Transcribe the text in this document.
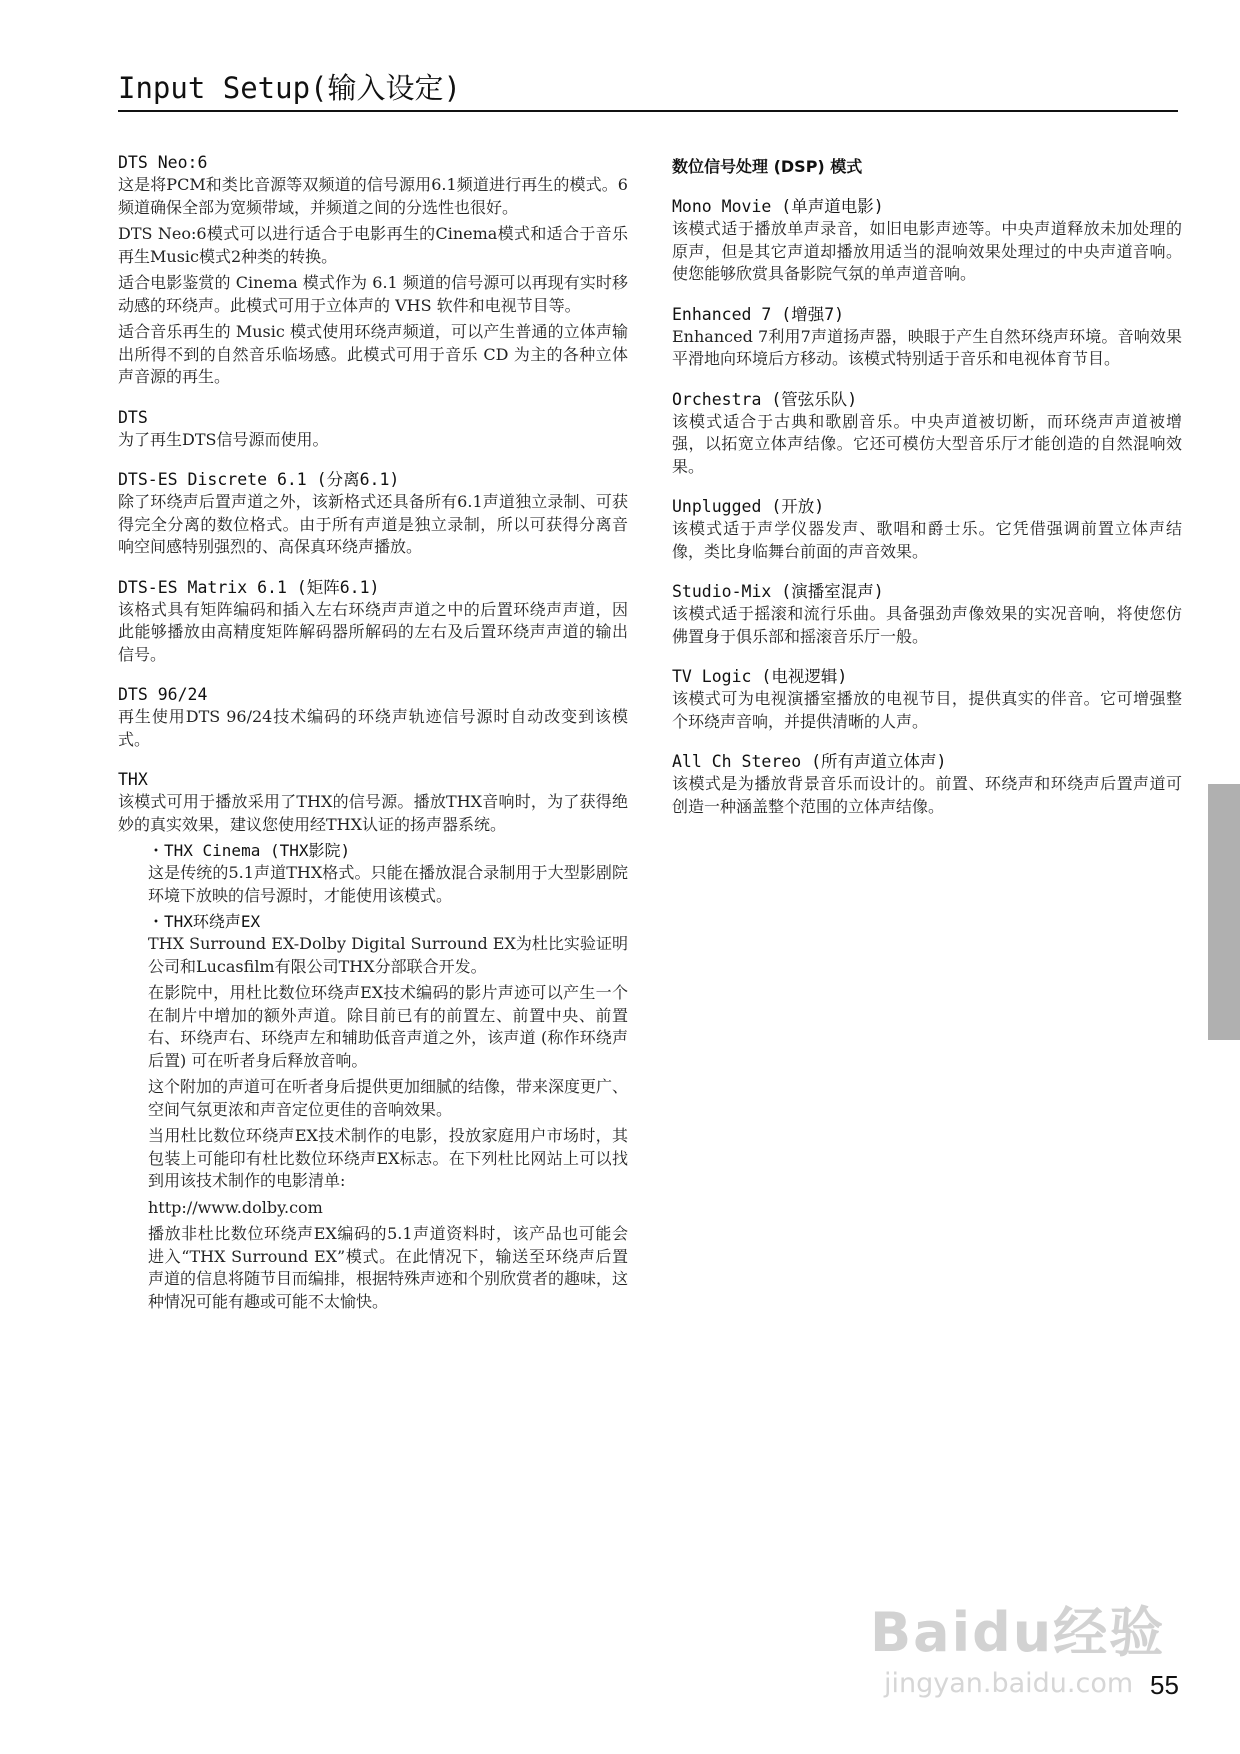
Input Setup(输入设定)
DTS Neo:6

这是将PCM和类比音源等双频道的信号源用6.1频道进行再生的模式。6频道确保全部为宽频带域，并频道之间的分选性也很好。

DTS Neo:6模式可以进行适合于电影再生的Cinema模式和适合于音乐再生Music模式2种类的转换。

适合电影鉴赏的 Cinema 模式作为 6.1 频道的信号源可以再现有实时移动感的环绕声。此模式可用于立体声的 VHS 软件和电视节目等。

适合音乐再生的 Music 模式使用环绕声频道，可以产生普通的立体声输出所得不到的自然音乐临场感。此模式可用于音乐 CD 为主的各种立体声音源的再生。

DTS

为了再生DTS信号源而使用。

DTS-ES Discrete 6.1 (分离6.1)

除了环绕声后置声道之外，该新格式还具备所有6.1声道独立录制、可获得完全分离的数位格式。由于所有声道是独立录制，所以可获得分离音响空间感特别强烈的、高保真环绕声播放。

DTS-ES Matrix 6.1 (矩阵6.1)

该格式具有矩阵编码和插入左右环绕声声道之中的后置环绕声声道，因此能够播放由高精度矩阵解码器所解码的左右及后置环绕声声道的输出信号。

DTS 96/24

再生使用DTS 96/24技术编码的环绕声轨迹信号源时自动改变到该模式。

THX

该模式可用于播放采用了THX的信号源。播放THX音响时，为了获得绝妙的真实效果，建议您使用经THX认证的扬声器系统。

・THX Cinema (THX影院)

这是传统的5.1声道THX格式。只能在播放混合录制用于大型影剧院环境下放映的信号源时，才能使用该模式。

・THX环绕声EX

THX Surround EX-Dolby Digital Surround EX为杜比实验证明公司和Lucasfilm有限公司THX分部联合开发。

在影院中，用杜比数位环绕声EX技术编码的影片声迹可以产生一个在制片中增加的额外声道。除目前已有的前置左、前置中央、前置右、环绕声右、环绕声左和辅助低音声道之外，该声道 (称作环绕声后置) 可在听者身后释放音响。

这个附加的声道可在听者身后提供更加细腻的结像，带来深度更广、空间气氛更浓和声音定位更佳的音响效果。

当用杜比数位环绕声EX技术制作的电影，投放家庭用户市场时，其包装上可能印有杜比数位环绕声EX标志。在下列杜比网站上可以找到用该技术制作的电影清单:

http://www.dolby.com

播放非杜比数位环绕声EX编码的5.1声道资料时，该产品也可能会进入“THX Surround EX”模式。在此情况下，输送至环绕声后置声道的信息将随节目而编排，根据特殊声迹和个别欣赏者的趣味，这种情况可能有趣或可能不太愉快。

数位信号处理 (DSP) 模式
Mono Movie (单声道电影)

该模式适于播放单声录音，如旧电影声迹等。中央声道释放未加处理的原声，但是其它声道却播放用适当的混响效果处理过的中央声道音响。使您能够欣赏具备影院气氛的单声道音响。

Enhanced 7 (增强7)

Enhanced 7利用7声道扬声器，映眼于产生自然环绕声环境。音响效果平滑地向环境后方移动。该模式特别适于音乐和电视体育节目。

Orchestra (管弦乐队)

该模式适合于古典和歌剧音乐。中央声道被切断，而环绕声声道被增强，以拓宽立体声结像。它还可模仿大型音乐厅才能创造的自然混响效果。

Unplugged (开放)

该模式适于声学仪器发声、歌唱和爵士乐。它凭借强调前置立体声结像，类比身临舞台前面的声音效果。

Studio-Mix (演播室混声)

该模式适于摇滚和流行乐曲。具备强劲声像效果的实况音响，将使您仿佛置身于俱乐部和摇滚音乐厅一般。

TV Logic (电视逻辑)

该模式可为电视演播室播放的电视节目，提供真实的伴音。它可增强整个环绕声音响，并提供清晰的人声。

All Ch Stereo (所有声道立体声)

该模式是为播放背景音乐而设计的。前置、环绕声和环绕声后置声道可创造一种涵盖整个范围的立体声结像。

Baidu经验
jingyan.baidu.com 55
